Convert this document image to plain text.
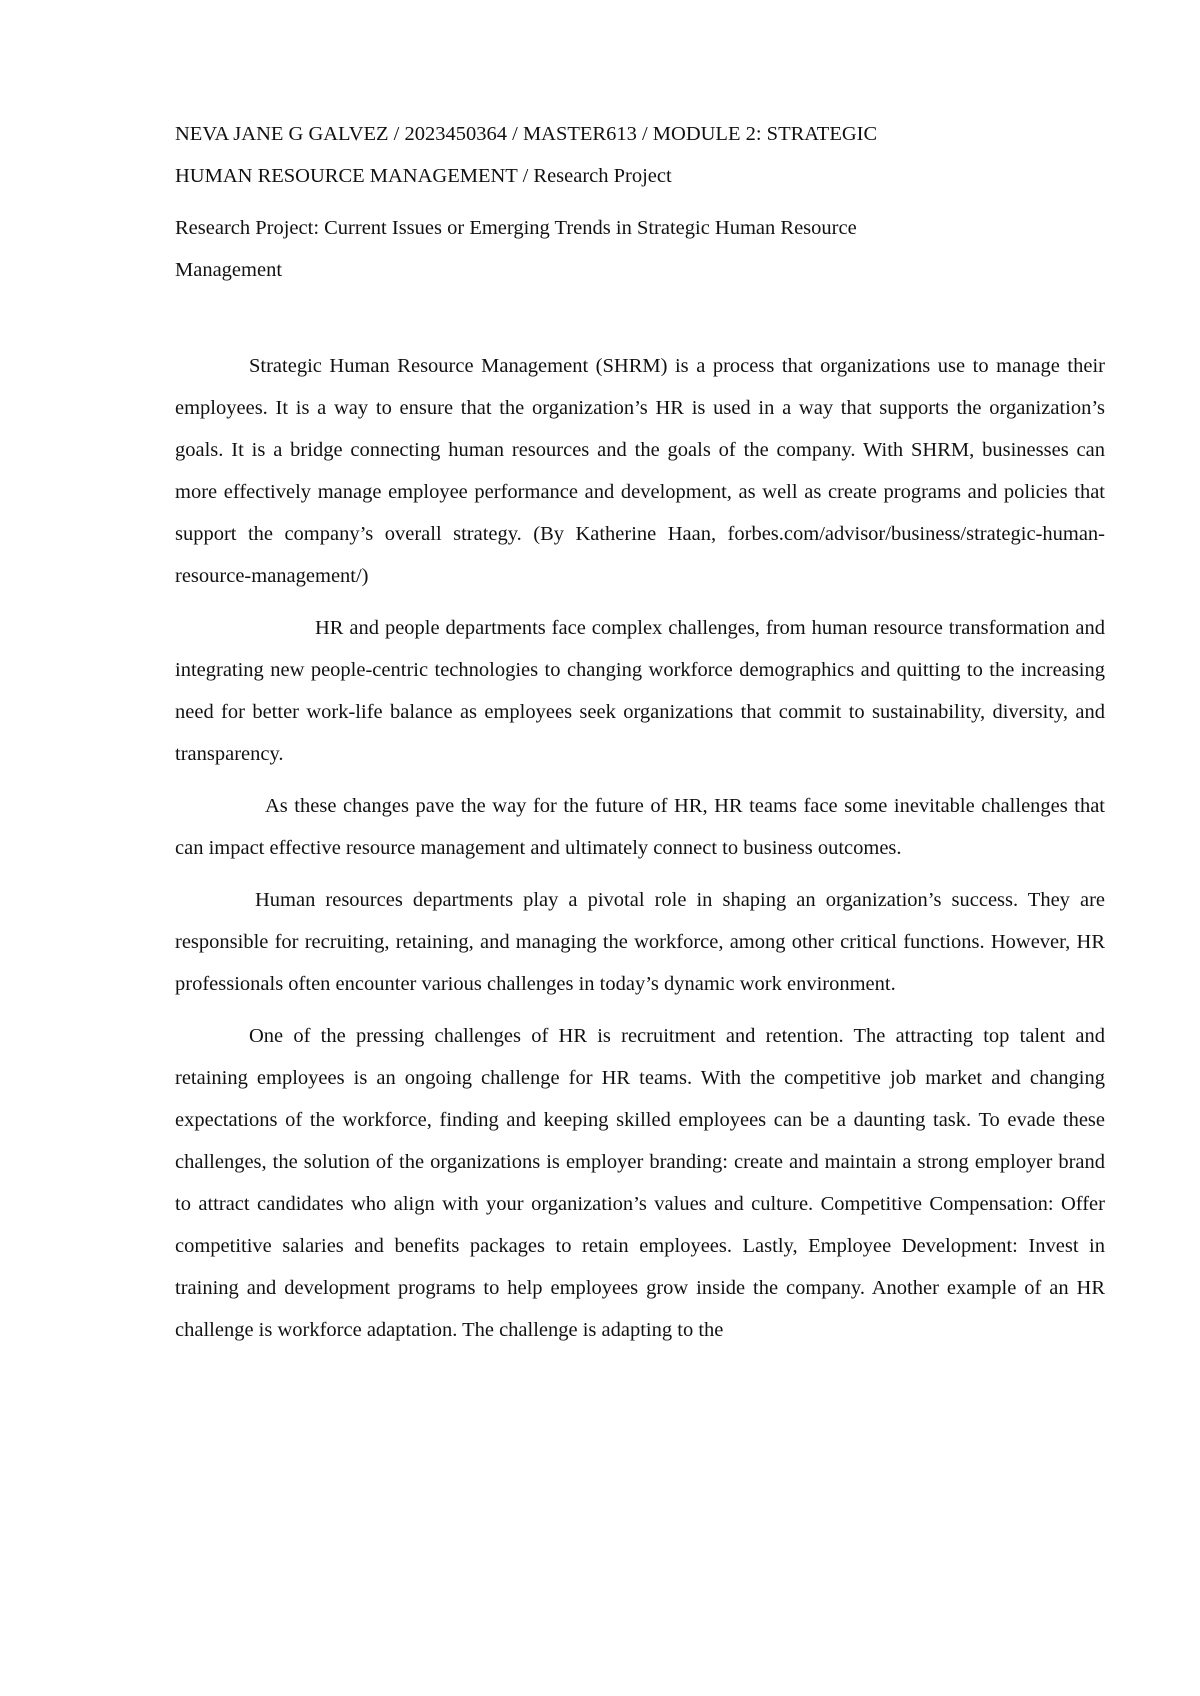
NEVA JANE G GALVEZ / 2023450364 / MASTER613 / MODULE 2: STRATEGIC
HUMAN RESOURCE MANAGEMENT / Research Project
Research Project: Current Issues or Emerging Trends in Strategic Human Resource
Management

Strategic Human Resource Management (SHRM) is a process that organizations use to manage their employees. It is a way to ensure that the organization’s HR is used in a way that supports the organization’s goals. It is a bridge connecting human resources and the goals of the company. With SHRM, businesses can more effectively manage employee performance and development, as well as create programs and policies that support the company’s overall strategy. (By Katherine Haan, forbes.com/advisor/business/strategic-human-resource-management/)

HR and people departments face complex challenges, from human resource transformation and integrating new people-centric technologies to changing workforce demographics and quitting to the increasing need for better work-life balance as employees seek organizations that commit to sustainability, diversity, and transparency.

As these changes pave the way for the future of HR, HR teams face some inevitable challenges that can impact effective resource management and ultimately connect to business outcomes.

Human resources departments play a pivotal role in shaping an organization’s success. They are responsible for recruiting, retaining, and managing the workforce, among other critical functions. However, HR professionals often encounter various challenges in today’s dynamic work environment.

One of the pressing challenges of HR is recruitment and retention. The attracting top talent and retaining employees is an ongoing challenge for HR teams. With the competitive job market and changing expectations of the workforce, finding and keeping skilled employees can be a daunting task. To evade these challenges, the solution of the organizations is employer branding: create and maintain a strong employer brand to attract candidates who align with your organization’s values and culture. Competitive Compensation: Offer competitive salaries and benefits packages to retain employees. Lastly, Employee Development: Invest in training and development programs to help employees grow inside the company. Another example of an HR challenge is workforce adaptation. The challenge is adapting to the
